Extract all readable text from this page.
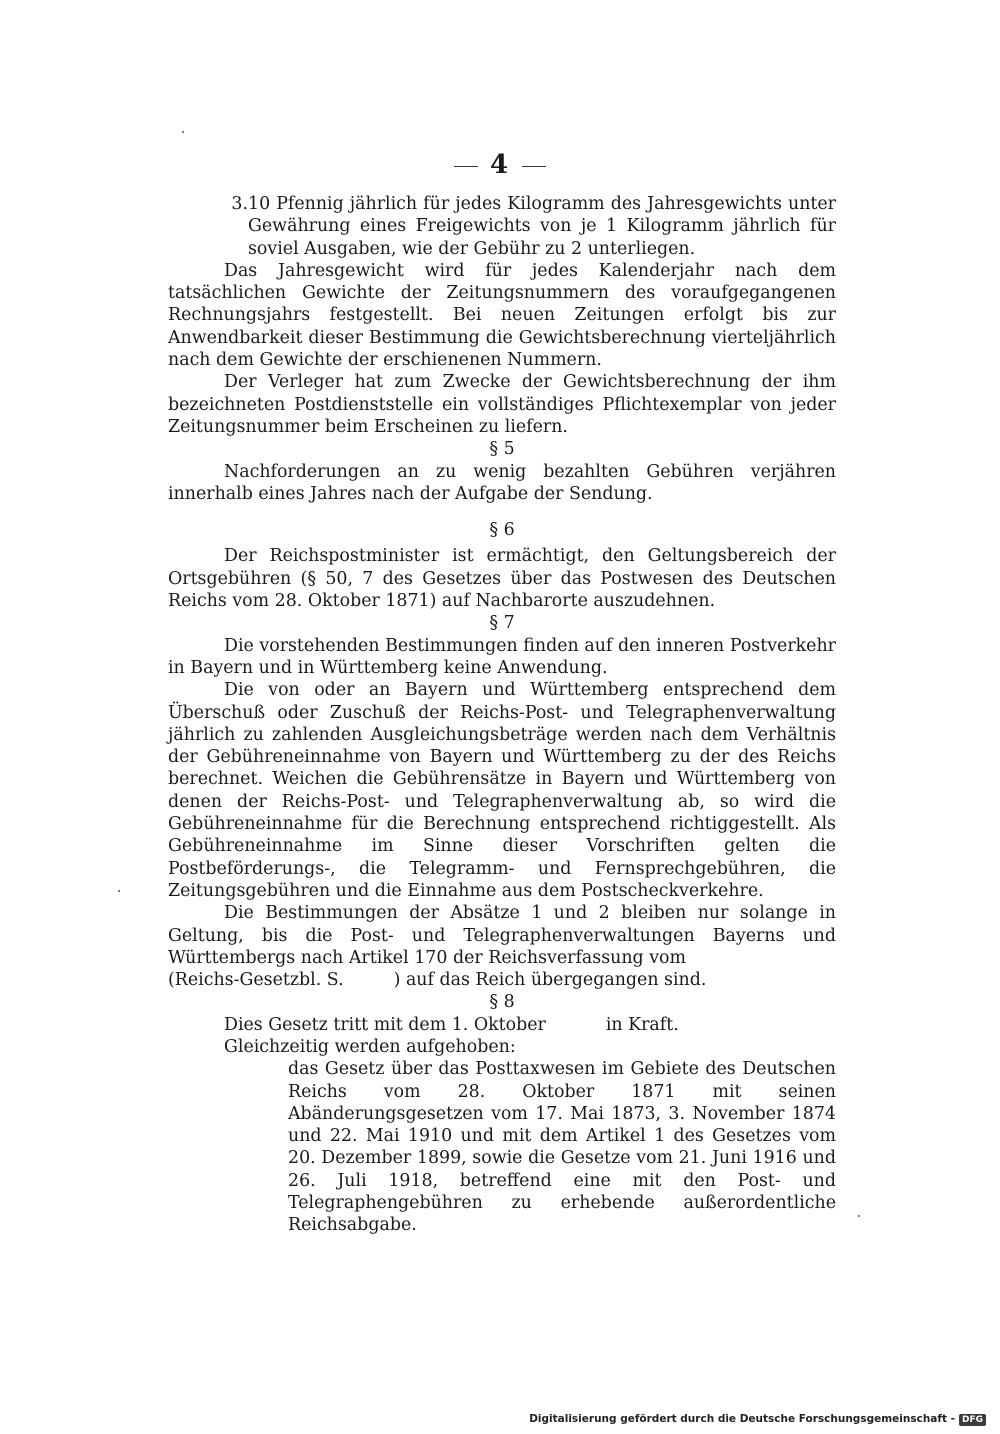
4

3.10 Pfennig jährlich für jedes Kilogramm des Jahresgewichts unter Gewährung eines Freigewichts von je 1 Kilogramm jährlich für soviel Ausgaben, wie der Gebühr zu 2 unterliegen.

Das Jahresgewicht wird für jedes Kalenderjahr nach dem tatsächlichen Gewichte der Zeitungsnummern des voraufgegangenen Rechnungsjahrs festgestellt. Bei neuen Zeitungen erfolgt bis zur Anwendbarkeit dieser Bestimmung die Gewichtsberechnung vierteljährlich nach dem Gewichte der erschienenen Nummern.

Der Verleger hat zum Zwecke der Gewichtsberechnung der ihm bezeichneten Postdienststelle ein vollständiges Pflichtexemplar von jeder Zeitungsnummer beim Erscheinen zu liefern.

§ 5

Nachforderungen an zu wenig bezahlten Gebühren verjähren innerhalb eines Jahres nach der Aufgabe der Sendung.

§ 6

Der Reichspostminister ist ermächtigt, den Geltungsbereich der Ortsgebühren (§ 50, 7 des Gesetzes über das Postwesen des Deutschen Reichs vom 28. Oktober 1871) auf Nachbarorte auszudehnen.

§ 7

Die vorstehenden Bestimmungen finden auf den inneren Postverkehr in Bayern und in Württemberg keine Anwendung.

Die von oder an Bayern und Württemberg entsprechend dem Überschuß oder Zuschuß der Reichs-Post- und Telegraphenverwaltung jährlich zu zahlenden Ausgleichungsbeträge werden nach dem Verhältnis der Gebühreneinnahme von Bayern und Württemberg zu der des Reichs berechnet. Weichen die Gebührensätze in Bayern und Württemberg von denen der Reichs-Post- und Telegraphenverwaltung ab, so wird die Gebühreneinnahme für die Berechnung entsprechend richtiggestellt. Als Gebühreneinnahme im Sinne dieser Vorschriften gelten die Postbeförderungs-, die Telegramm- und Fernsprechgebühren, die Zeitungsgebühren und die Einnahme aus dem Postscheckverkehre.

Die Bestimmungen der Absätze 1 und 2 bleiben nur solange in Geltung, bis die Post- und Telegraphenverwaltungen Bayerns und Württembergs nach Artikel 170 der Reichsverfassung vom(Reichs-Gesetzbl. S.	) auf das Reich übergegangen sind.

§ 8

Dies Gesetz tritt mit dem 1. Oktober	in Kraft.

Gleichzeitig werden aufgehoben:

das Gesetz über das Posttaxwesen im Gebiete des Deutschen Reichs vom 28. Oktober 1871 mit seinen Abänderungsgesetzen vom 17. Mai 1873, 3. November 1874 und 22. Mai 1910 und mit dem Artikel 1 des Gesetzes vom 20. Dezember 1899, sowie die Gesetze vom 21. Juni 1916 und 26. Juli 1918, betreffend eine mit den Post- und Telegraphengebühren zu erhebende außerordentliche Reichsabgabe.

Digitalisierung gefördert durch die Deutsche Forschungsgemeinschaft - DFG
